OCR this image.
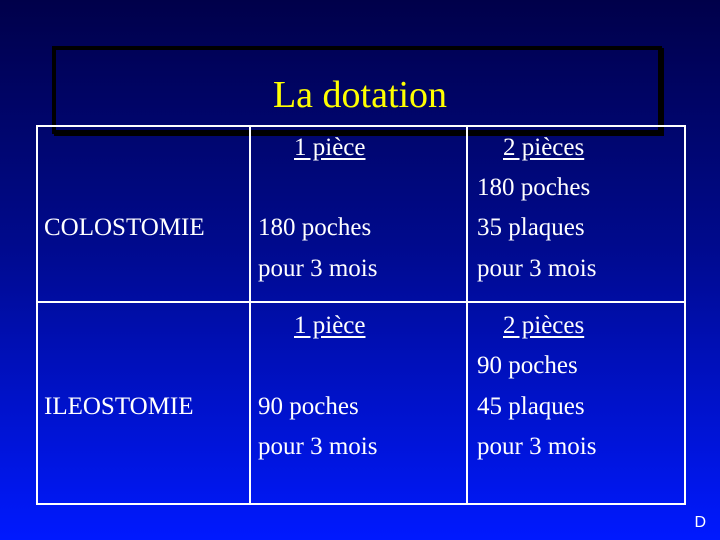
La dotation
COLOSTOMIE
1 pièce
180 poches
pour 3 mois
2 pièces
180 poches
35 plaques
pour 3 mois
ILEOSTOMIE
1 pièce
90 poches
pour 3 mois
2 pièces
90 poches
45 plaques
pour 3 mois
D
